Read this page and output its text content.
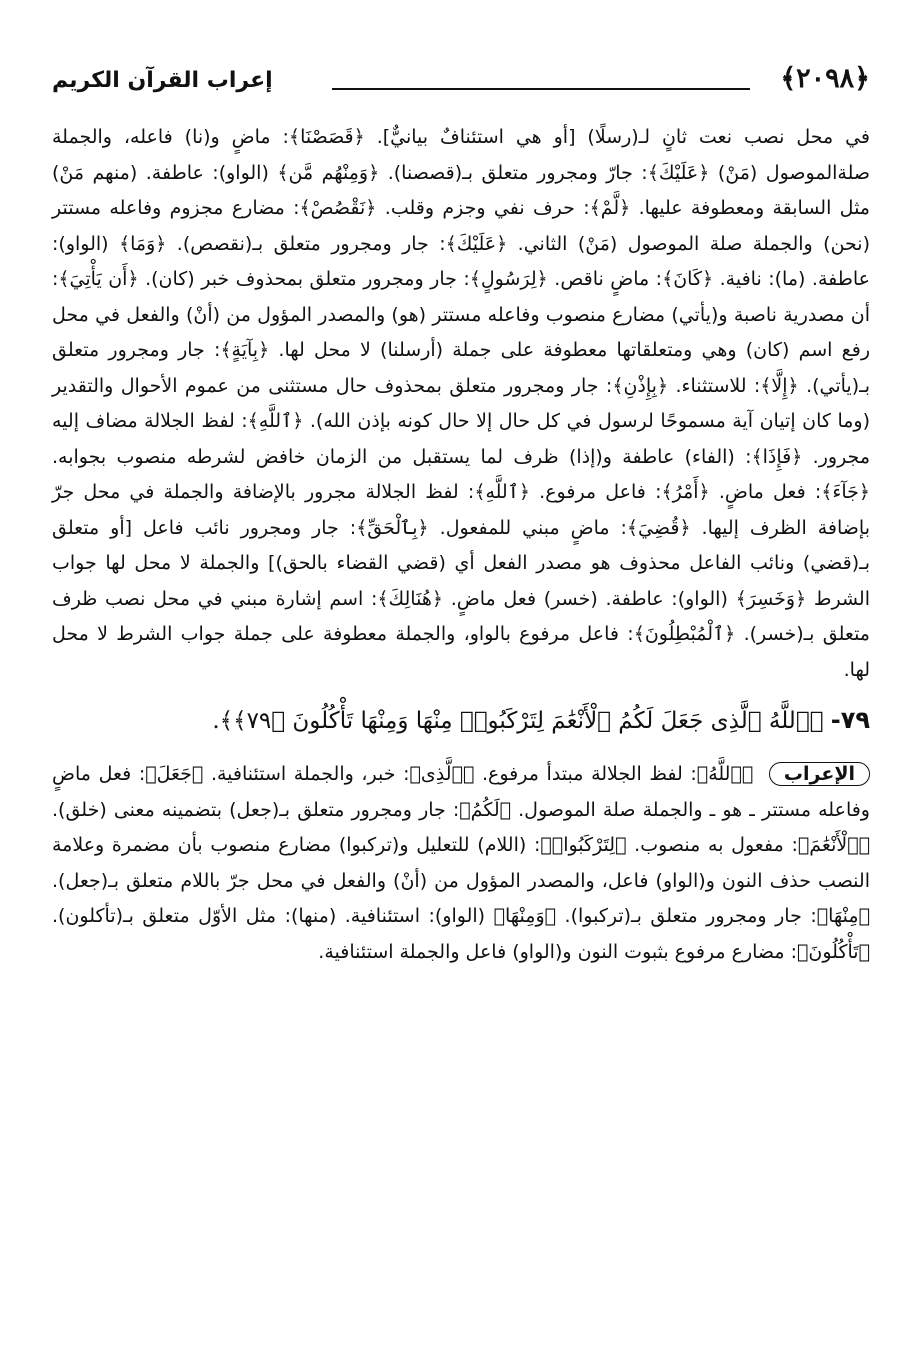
﴿٢٠٩٨﴾
إعراب القرآن الكريم

في محل نصب نعت ثانٍ لـ(رسلًا) [أو هي استئنافٌ بيانيٌّ]. ﴿قَصَصْنَا﴾: ماضٍ و(نا) فاعله، والجملة صلةالموصول (مَنْ) ﴿عَلَيْكَ﴾: جارّ ومجرور متعلق بـ(قصصنا). ﴿وَمِنْهُم مَّن﴾ (الواو): عاطفة. (منهم مَنْ) مثل السابقة ومعطوفة عليها. ﴿لَّمْ﴾: حرف نفي وجزم وقلب. ﴿نَقْصُصْ﴾: مضارع مجزوم وفاعله مستتر (نحن) والجملة صلة الموصول (مَنْ) الثاني. ﴿عَلَيْكَ﴾: جار ومجرور متعلق بـ(نقصص). ﴿وَمَا﴾ (الواو): عاطفة. (ما): نافية. ﴿كَانَ﴾: ماضٍ ناقص. ﴿لِرَسُولٍ﴾: جار ومجرور متعلق بمحذوف خبر (كان). ﴿أَن يَأْتِيَ﴾: أن مصدرية ناصبة و(يأتي) مضارع منصوب وفاعله مستتر (هو) والمصدر المؤول من (أنْ) والفعل في محل رفع اسم (كان) وهي ومتعلقاتها معطوفة على جملة (أرسلنا) لا محل لها. ﴿بِآيَةٍ﴾: جار ومجرور متعلق بـ(يأتي). ﴿إِلَّا﴾: للاستثناء. ﴿بِإِذْنِ﴾: جار ومجرور متعلق بمحذوف حال مستثنى من عموم الأحوال والتقدير (وما كان إتيان آية مسموحًا لرسول في كل حال إلا حال كونه بإذن الله). ﴿ٱللَّهِ﴾: لفظ الجلالة مضاف إليه مجرور. ﴿فَإِذَا﴾: (الفاء) عاطفة و(إذا) ظرف لما يستقبل من الزمان خافض لشرطه منصوب بجوابه. ﴿جَآءَ﴾: فعل ماضٍ. ﴿أَمْرُ﴾: فاعل مرفوع. ﴿ٱللَّهِ﴾: لفظ الجلالة مجرور بالإضافة والجملة في محل جرّ بإضافة الظرف إليها. ﴿قُضِيَ﴾: ماضٍ مبني للمفعول. ﴿بِٱلْحَقِّ﴾: جار ومجرور نائب فاعل [أو متعلق بـ(قضي) ونائب الفاعل محذوف هو مصدر الفعل أي (قضي القضاء بالحق)] والجملة لا محل لها جواب الشرط ﴿وَخَسِرَ﴾ (الواو): عاطفة. (خسر) فعل ماضٍ. ﴿هُنَالِكَ﴾: اسم إشارة مبني في محل نصب ظرف متعلق بـ(خسر). ﴿ٱلْمُبْطِلُونَ﴾: فاعل مرفوع بالواو، والجملة معطوفة على جملة جواب الشرط لا محل لها.

٧٩- ﴿ٱللَّهُ ٱلَّذِى جَعَلَ لَكُمُ ٱلْأَنْعَٰمَ لِتَرْكَبُوا۟ مِنْهَا وَمِنْهَا تَأْكُلُونَ ﴿٧٩﴾﴾.

الإعراب ﴿ٱللَّهُ﴾: لفظ الجلالة مبتدأ مرفوع. ﴿ٱلَّذِى﴾: خبر، والجملة استئنافية. ﴿جَعَلَ﴾: فعل ماضٍ وفاعله مستتر ـ هو ـ والجملة صلة الموصول. ﴿لَكُمُ﴾: جار ومجرور متعلق بـ(جعل) بتضمينه معنى (خلق). ﴿ٱلْأَنْعَٰمَ﴾: مفعول به منصوب. ﴿لِتَرْكَبُوا۟﴾: (اللام) للتعليل و(تركبوا) مضارع منصوب بأن مضمرة وعلامة النصب حذف النون و(الواو) فاعل، والمصدر المؤول من (أنْ) والفعل في محل جرّ باللام متعلق بـ(جعل). ﴿مِنْهَا﴾: جار ومجرور متعلق بـ(تركبوا). ﴿وَمِنْهَا﴾ (الواو): استئنافية. (منها): مثل الأوّل متعلق بـ(تأكلون). ﴿تَأْكُلُونَ﴾: مضارع مرفوع بثبوت النون و(الواو) فاعل والجملة استئنافية.
